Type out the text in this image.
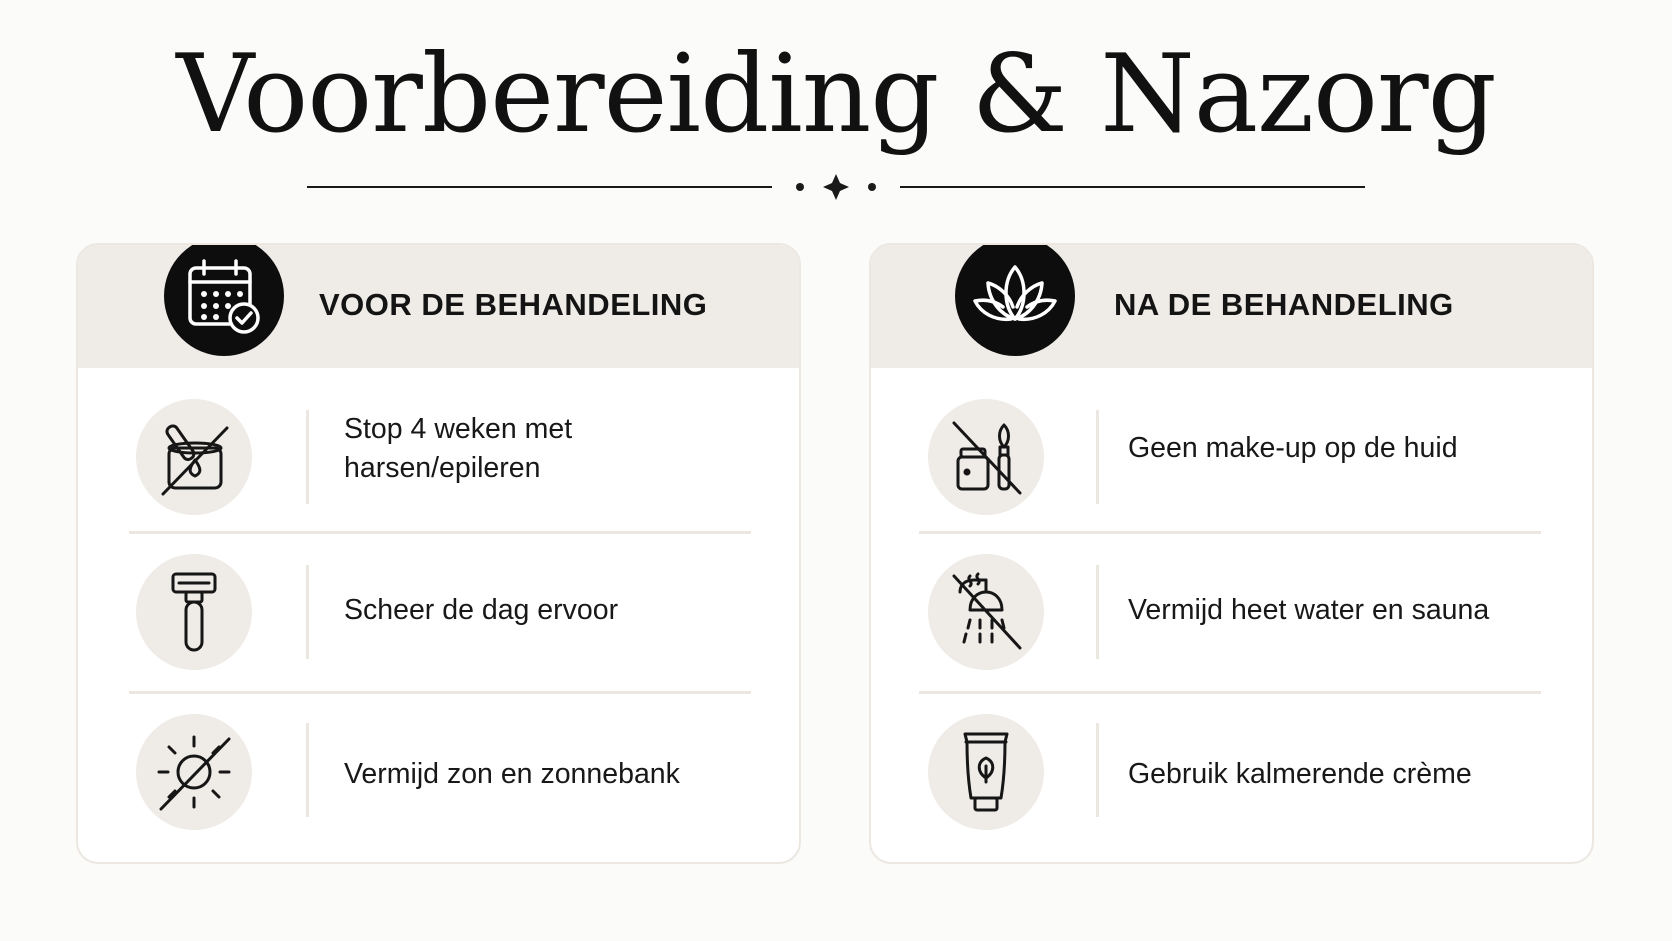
Voorbereiding & Nazorg
VOOR DE BEHANDELING
Stop 4 weken met harsen/epileren
Scheer de dag ervoor
Vermijd zon en zonnebank
NA DE BEHANDELING
Geen make-up op de huid
Vermijd heet water en sauna
Gebruik kalmerende crème
